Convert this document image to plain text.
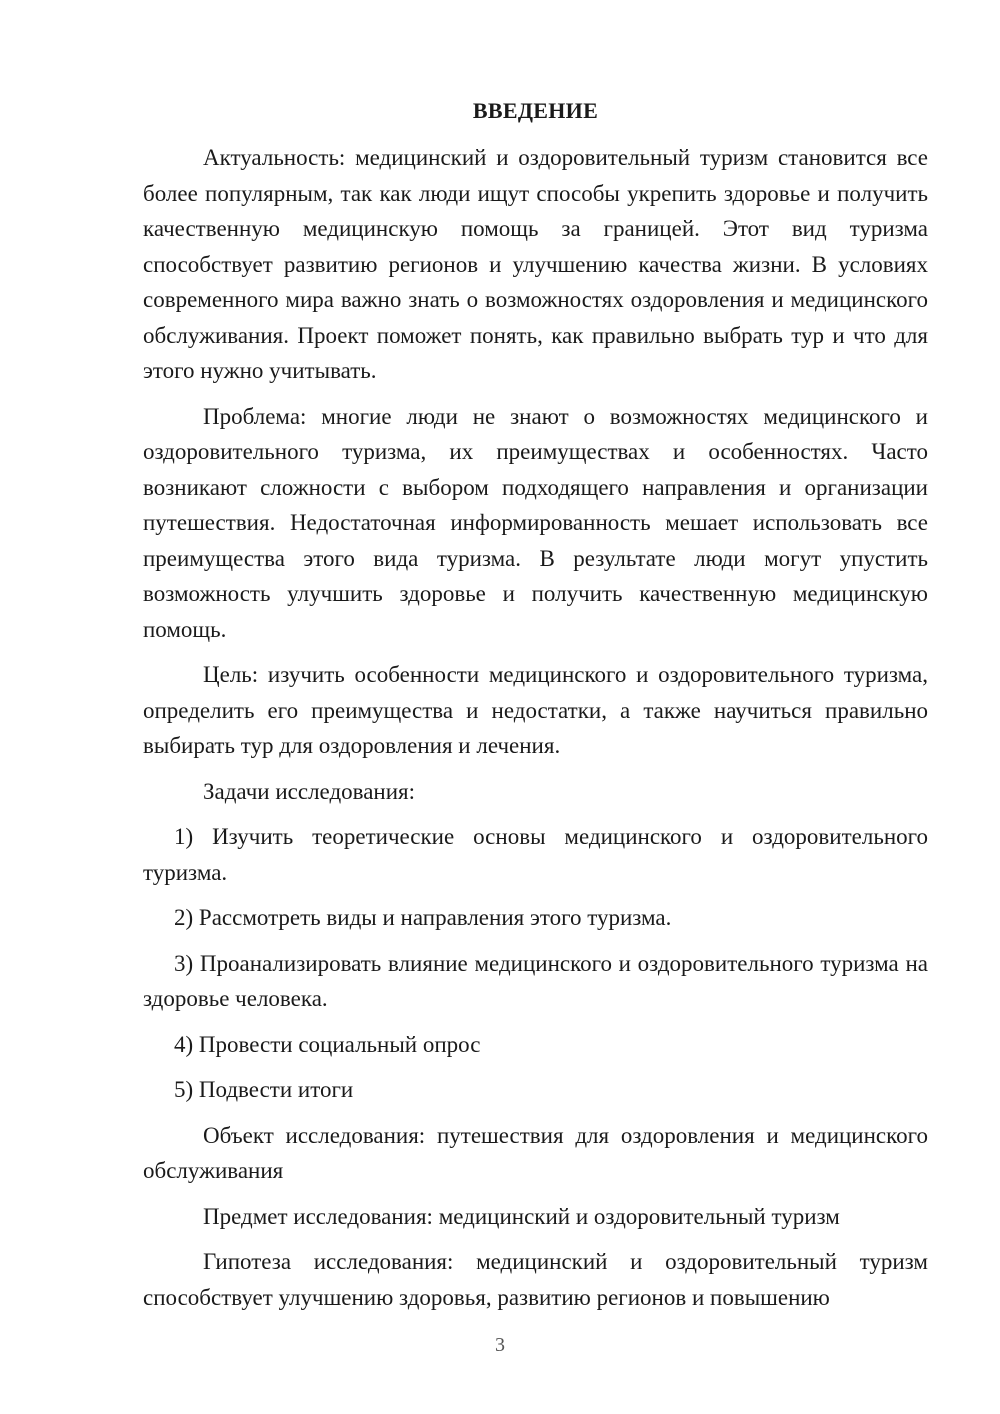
ВВЕДЕНИЕ

Актуальность: медицинский и оздоровительный туризм становится все более популярным, так как люди ищут способы укрепить здоровье и получить качественную медицинскую помощь за границей. Этот вид туризма способствует развитию регионов и улучшению качества жизни. В условиях современного мира важно знать о возможностях оздоровления и медицинского обслуживания. Проект поможет понять, как правильно выбрать тур и что для этого нужно учитывать.

Проблема: многие люди не знают о возможностях медицинского и оздоровительного туризма, их преимуществах и особенностях. Часто возникают сложности с выбором подходящего направления и организации путешествия. Недостаточная информированность мешает использовать все преимущества этого вида туризма. В результате люди могут упустить возможность улучшить здоровье и получить качественную медицинскую помощь.

Цель: изучить особенности медицинского и оздоровительного туризма, определить его преимущества и недостатки, а также научиться правильно выбирать тур для оздоровления и лечения.

Задачи исследования:

1) Изучить теоретические основы медицинского и оздоровительного туризма.

2) Рассмотреть виды и направления этого туризма.

3) Проанализировать влияние медицинского и оздоровительного туризма на здоровье человека.

4) Провести социальный опрос

5) Подвести итоги

Объект исследования: путешествия для оздоровления и медицинского обслуживания

Предмет исследования: медицинский и оздоровительный туризм

Гипотеза исследования: медицинский и оздоровительный туризм способствует улучшению здоровья, развитию регионов и повышению

3
